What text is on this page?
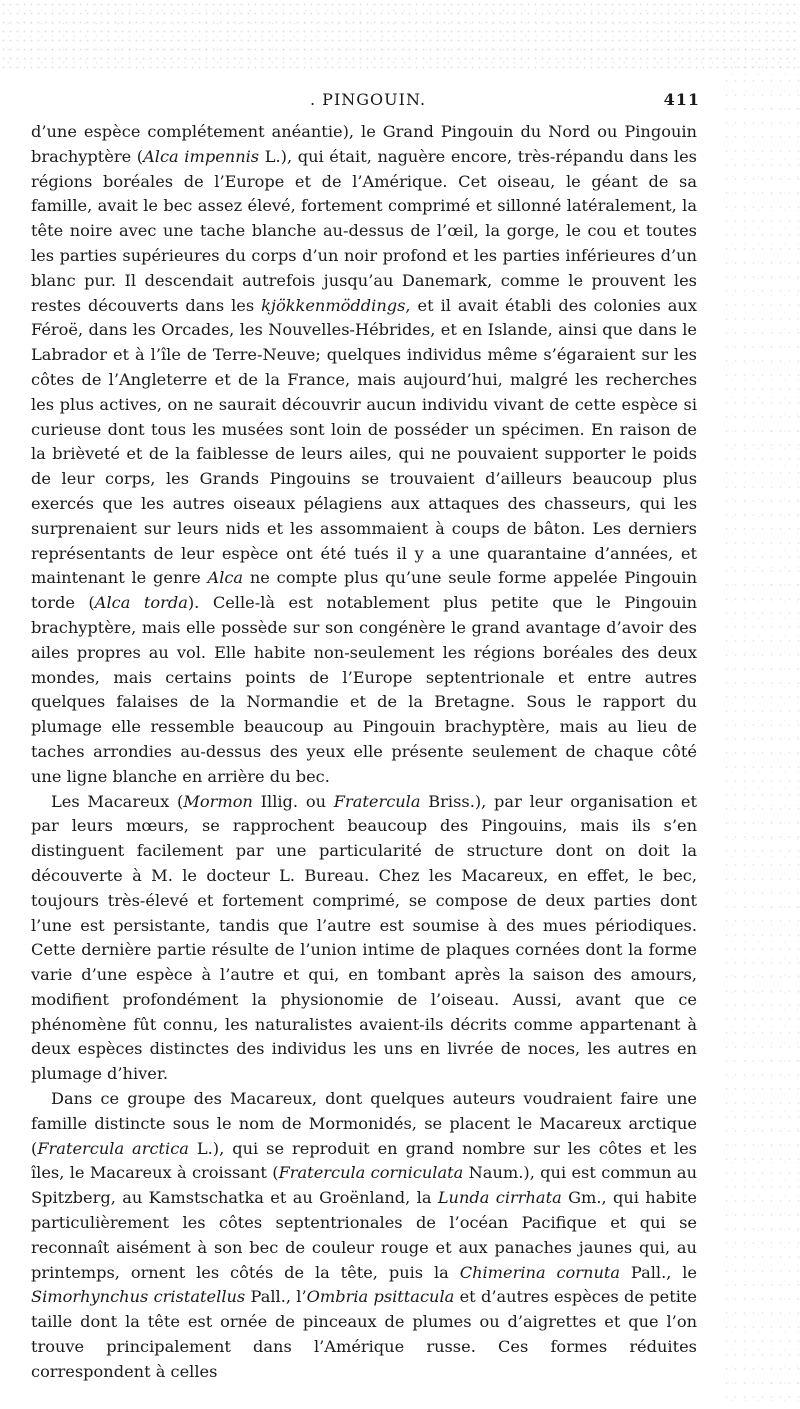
. PINGOUIN.	411

d’une espèce complétement anéantie), le Grand Pingouin du Nord ou Pingouin brachyptère (Alca impennis L.), qui était, naguère encore, très-répandu dans les régions boréales de l’Europe et de l’Amérique. Cet oiseau, le géant de sa famille, avait le bec assez élevé, fortement comprimé et sillonné latéralement, la tête noire avec une tache blanche au-dessus de l’œil, la gorge, le cou et toutes les parties supérieures du corps d’un noir profond et les parties inférieures d’un blanc pur. Il descendait autrefois jusqu’au Danemark, comme le prouvent les restes découverts dans les kjökkenmöddings, et il avait établi des colonies aux Féroë, dans les Orcades, les Nouvelles-Hébrides, et en Islande, ainsi que dans le Labrador et à l’île de Terre-Neuve; quelques individus même s’égaraient sur les côtes de l’Angleterre et de la France, mais aujourd’hui, malgré les recherches les plus actives, on ne saurait découvrir aucun individu vivant de cette espèce si curieuse dont tous les musées sont loin de posséder un spécimen. En raison de la brièveté et de la faiblesse de leurs ailes, qui ne pouvaient supporter le poids de leur corps, les Grands Pingouins se trouvaient d’ailleurs beaucoup plus exercés que les autres oiseaux pélagiens aux attaques des chasseurs, qui les surprenaient sur leurs nids et les assommaient à coups de bâton. Les derniers représentants de leur espèce ont été tués il y a une quarantaine d’années, et maintenant le genre Alca ne compte plus qu’une seule forme appelée Pingouin torde (Alca torda). Celle-là est notablement plus petite que le Pingouin brachyptère, mais elle possède sur son congénère le grand avantage d’avoir des ailes propres au vol. Elle habite non-seulement les régions boréales des deux mondes, mais certains points de l’Europe septentrionale et entre autres quelques falaises de la Normandie et de la Bretagne. Sous le rapport du plumage elle ressemble beaucoup au Pingouin brachyptère, mais au lieu de taches arrondies au-dessus des yeux elle présente seulement de chaque côté une ligne blanche en arrière du bec.

Les Macareux (Mormon Illig. ou Fratercula Briss.), par leur organisation et par leurs mœurs, se rapprochent beaucoup des Pingouins, mais ils s’en distinguent facilement par une particularité de structure dont on doit la découverte à M. le docteur L. Bureau. Chez les Macareux, en effet, le bec, toujours très-élevé et fortement comprimé, se compose de deux parties dont l’une est persistante, tandis que l’autre est soumise à des mues périodiques. Cette dernière partie résulte de l’union intime de plaques cornées dont la forme varie d’une espèce à l’autre et qui, en tombant après la saison des amours, modifient profondément la physionomie de l’oiseau. Aussi, avant que ce phénomène fût connu, les naturalistes avaient-ils décrits comme appartenant à deux espèces distinctes des individus les uns en livrée de noces, les autres en plumage d’hiver.

Dans ce groupe des Macareux, dont quelques auteurs voudraient faire une famille distincte sous le nom de Mormonidés, se placent le Macareux arctique (Fratercula arctica L.), qui se reproduit en grand nombre sur les côtes et les îles, le Macareux à croissant (Fratercula corniculata Naum.), qui est commun au Spitzberg, au Kamstschatka et au Groënland, la Lunda cirrhata Gm., qui habite particulièrement les côtes septentrionales de l’océan Pacifique et qui se reconnaît aisément à son bec de couleur rouge et aux panaches jaunes qui, au printemps, ornent les côtés de la tête, puis la Chimerina cornuta Pall., le Simorhynchus cristatellus Pall., l’Ombria psittacula et d’autres espèces de petite taille dont la tête est ornée de pinceaux de plumes ou d’aigrettes et que l’on trouve principalement dans l’Amérique russe. Ces formes réduites correspondent à celles
